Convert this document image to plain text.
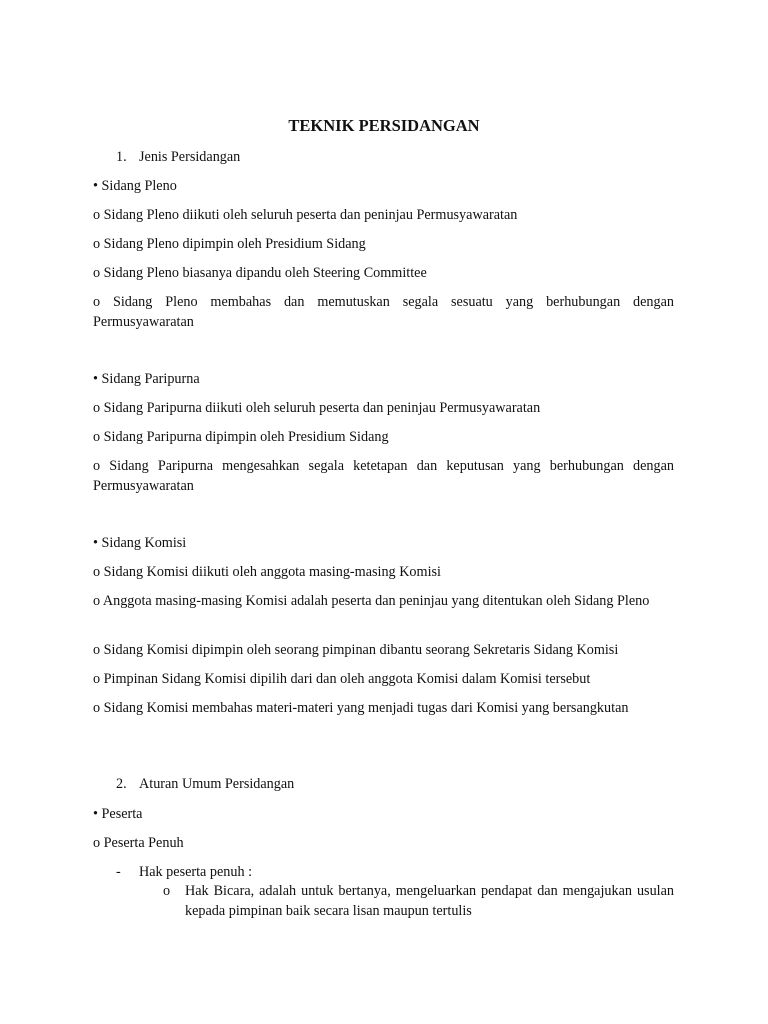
TEKNIK PERSIDANGAN
1. Jenis Persidangan

• Sidang Pleno

o Sidang Pleno diikuti oleh seluruh peserta dan peninjau Permusyawaratan

o Sidang Pleno dipimpin oleh Presidium Sidang

o Sidang Pleno biasanya dipandu oleh Steering Committee

o Sidang Pleno membahas dan memutuskan segala sesuatu yang berhubungan dengan Permusyawaratan

• Sidang Paripurna

o Sidang Paripurna diikuti oleh seluruh peserta dan peninjau Permusyawaratan

o Sidang Paripurna dipimpin oleh Presidium Sidang

o Sidang Paripurna mengesahkan segala ketetapan dan keputusan yang berhubungan dengan Permusyawaratan

• Sidang Komisi

o Sidang Komisi diikuti oleh anggota masing-masing Komisi

o Anggota masing-masing Komisi adalah peserta dan peninjau yang ditentukan oleh Sidang Pleno

o Sidang Komisi dipimpin oleh seorang pimpinan dibantu seorang Sekretaris Sidang Komisi

o Pimpinan Sidang Komisi dipilih dari dan oleh anggota Komisi dalam Komisi tersebut

o Sidang Komisi membahas materi-materi yang menjadi tugas dari Komisi yang bersangkutan

2. Aturan Umum Persidangan

• Peserta

o Peserta Penuh

- Hak peserta penuh :
o Hak Bicara, adalah untuk bertanya, mengeluarkan pendapat dan mengajukan usulan kepada pimpinan baik secara lisan maupun tertulis
